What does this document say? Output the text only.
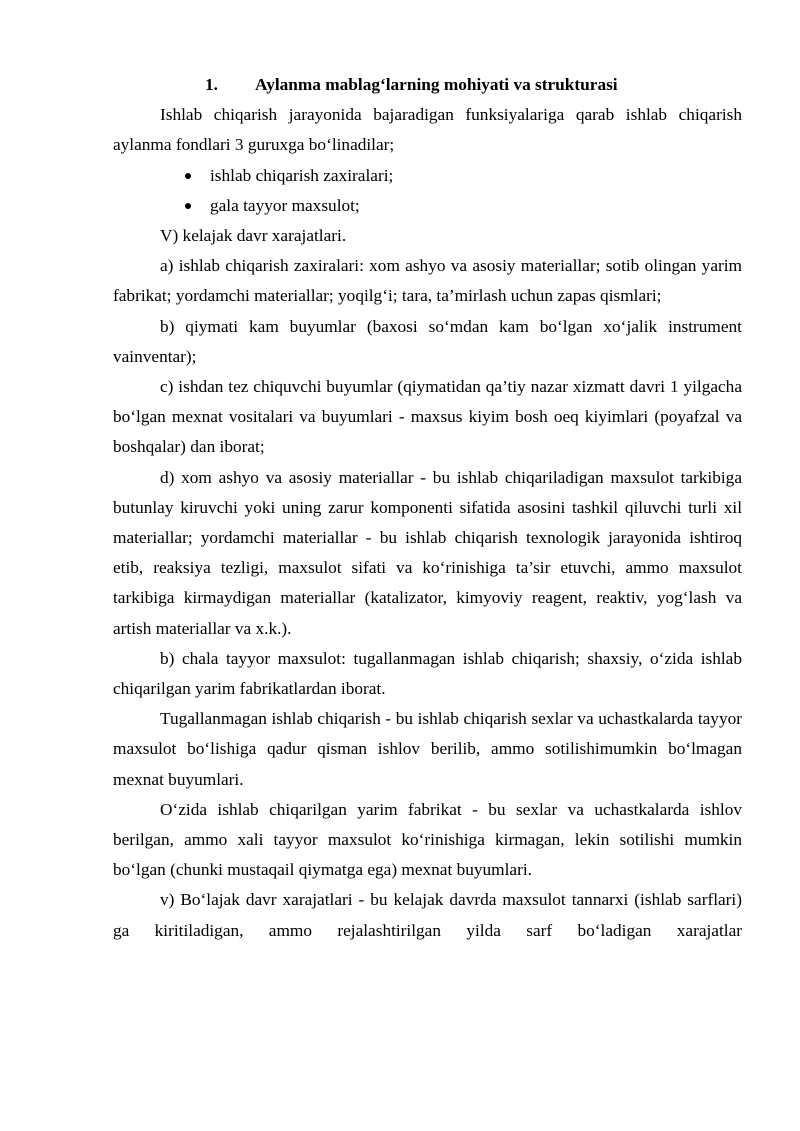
1. Aylanma mablag‘larning mohiyati va strukturasi

Ishlab chiqarish jarayonida bajaradigan funksiyalariga qarab ishlab chiqarish aylanma fondlari 3 guruxga bo‘linadilar;

ishlab chiqarish zaxiralari;
gala tayyor maxsulot;

V) kelajak davr xarajatlari.

a) ishlab chiqarish zaxiralari: xom ashyo va asosiy materiallar; sotib olingan yarim fabrikat; yordamchi materiallar; yoqilg‘i; tara, ta’mirlash uchun zapas qismlari;

b) qiymati kam buyumlar (baxosi so‘mdan kam bo‘lgan xo‘jalik instrument vainventar);

c) ishdan tez chiquvchi buyumlar (qiymatidan qa’tiy nazar xizmatt davri 1 yilgacha bo‘lgan mexnat vositalari va buyumlari - maxsus kiyim bosh oeq kiyimlari (poyafzal va boshqalar) dan iborat;

d) xom ashyo va asosiy materiallar - bu ishlab chiqariladigan maxsulot tarkibiga butunlay kiruvchi yoki uning zarur komponenti sifatida asosini tashkil qiluvchi turli xil materiallar; yordamchi materiallar - bu ishlab chiqarish texnologik jarayonida ishtiroq etib, reaksiya tezligi, maxsulot sifati va ko‘rinishiga ta’sir etuvchi, ammo maxsulot tarkibiga kirmaydigan materiallar (katalizator, kimyoviy reagent, reaktiv, yog‘lash va artish materiallar va x.k.).

b) chala tayyor maxsulot: tugallanmagan ishlab chiqarish; shaxsiy, o‘zida ishlab chiqarilgan yarim fabrikatlardan iborat.

Tugallanmagan ishlab chiqarish - bu ishlab chiqarish sexlar va uchastkalarda tayyor maxsulot bo‘lishiga qadur qisman ishlov berilib, ammo sotilishimumkin bo‘lmagan mexnat buyumlari.

O‘zida ishlab chiqarilgan yarim fabrikat - bu sexlar va uchastkalarda ishlov berilgan, ammo xali tayyor maxsulot ko‘rinishiga kirmagan, lekin sotilishi mumkin bo‘lgan (chunki mustaqail qiymatga ega) mexnat buyumlari.

v) Bo‘lajak davr xarajatlari - bu kelajak davrda maxsulot tannarxi (ishlab sarflari) ga kiritiladigan, ammo rejalashtirilgan yilda sarf bo‘ladigan xarajatlar
